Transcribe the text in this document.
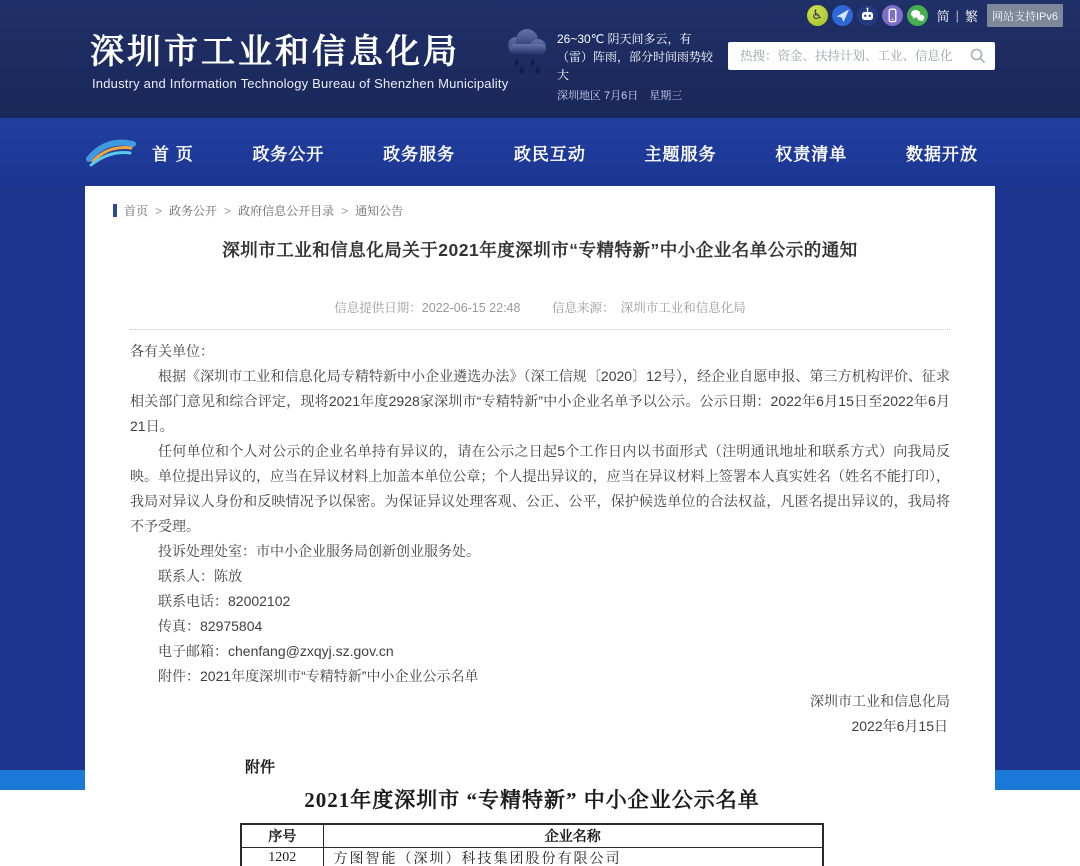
深圳市工业和信息化局
Industry and Information Technology Bureau of Shenzhen Municipality
26~30℃ 阴天间多云，有（雷）阵雨，部分时间雨势较大
深圳地区 7月6日　星期三
♿	简 | 繁	网站支持IPv6
热搜：资金、扶持计划、工业、信息化
首 页	政务公开	政务服务	政民互动	主题服务	权责清单	数据开放
首页 > 政务公开 > 政府信息公开目录 > 通知公告
深圳市工业和信息化局关于2021年度深圳市“专精特新”中小企业名单公示的通知
信息提供日期：2022-06-15 22:48	信息来源：　深圳市工业和信息化局

各有关单位：

根据《深圳市工业和信息化局专精特新中小企业遴选办法》（深工信规〔2020〕12号），经企业自愿申报、第三方机构评价、征求相关部门意见和综合评定，现将2021年度2928家深圳市“专精特新”中小企业名单予以公示。公示日期：2022年6月15日至2022年6月21日。

任何单位和个人对公示的企业名单持有异议的，请在公示之日起5个工作日内以书面形式（注明通讯地址和联系方式）向我局反映。单位提出异议的，应当在异议材料上加盖本单位公章；个人提出异议的，应当在异议材料上签署本人真实姓名（姓名不能打印），我局对异议人身份和反映情况予以保密。为保证异议处理客观、公正、公平，保护候选单位的合法权益，凡匿名提出异议的，我局将不予受理。

投诉处理处室：市中小企业服务局创新创业服务处。

联系人：陈放

联系电话：82002102

传真：82975804

电子邮箱：chenfang@zxqyj.sz.gov.cn

附件：2021年度深圳市“专精特新”中小企业公示名单

深圳市工业和信息化局
2022年6月15日
附件
2021年度深圳市 “专精特新” 中小企业公示名单
序号	企业名称
1202	方图智能（深圳）科技集团股份有限公司
